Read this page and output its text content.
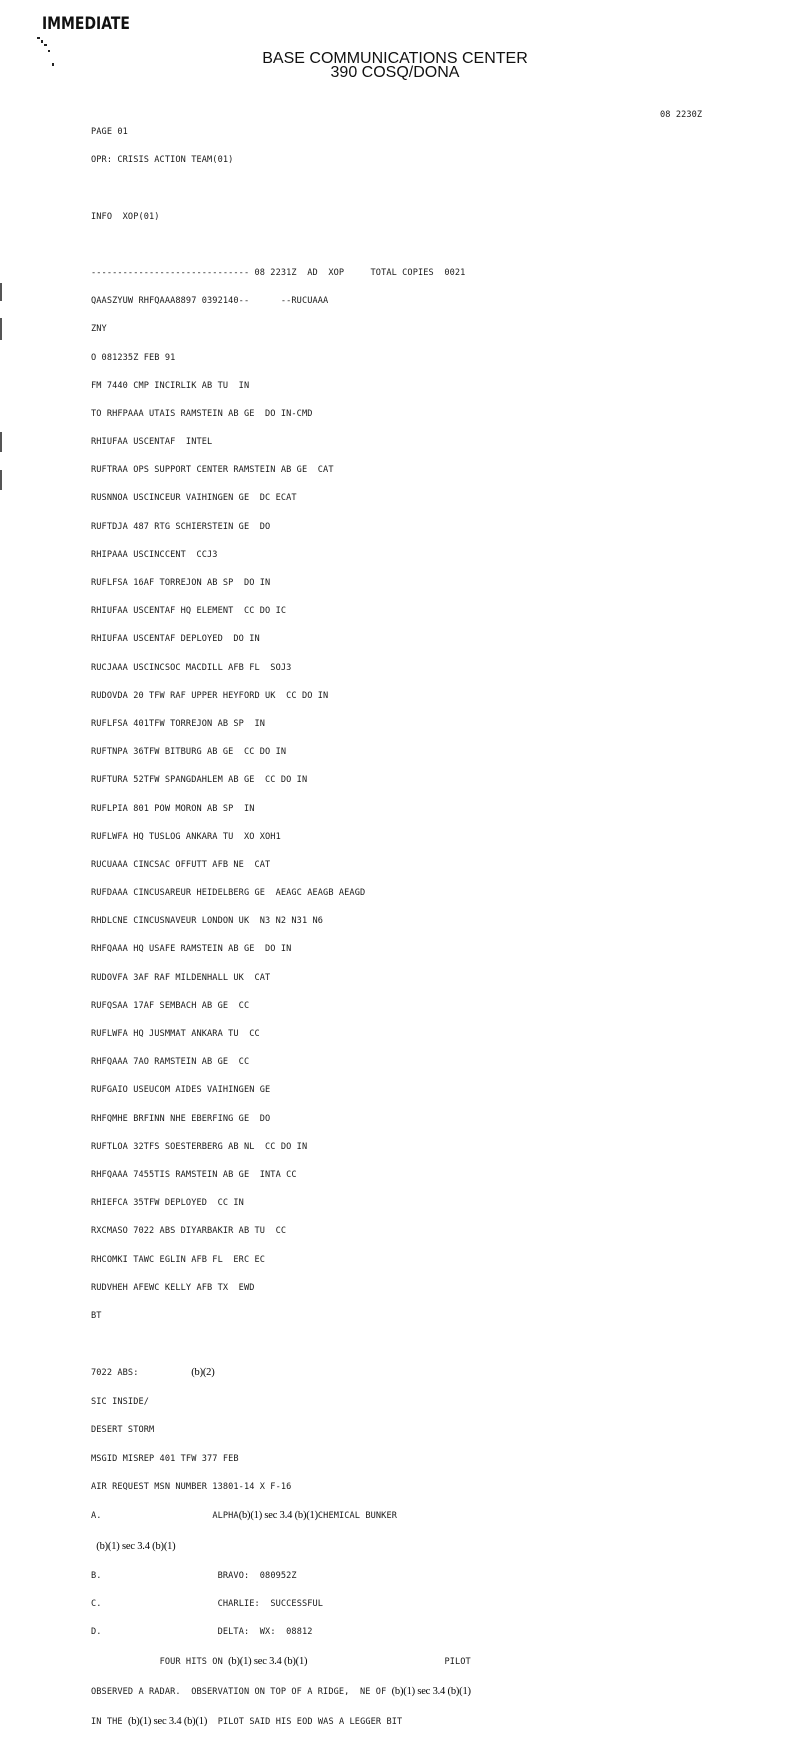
IMMEDIATE
BASE COMMUNICATIONS CENTER
390 COSQ/DONA
08 2230Z

PAGE 01

OPR: CRISIS ACTION TEAM(01)

INFO  XOP(01)

------------------------------ 08 2231Z  AD  XOP     TOTAL COPIES  0021

QAASZYUW RHFQAAA8897 0392140--      --RUCUAAA

ZNY

O 081235Z FEB 91

FM 7440 CMP INCIRLIK AB TU  IN

TO RHFPAAA UTAIS RAMSTEIN AB GE  DO IN-CMD

RHIUFAA USCENTAF  INTEL

RUFTRAA OPS SUPPORT CENTER RAMSTEIN AB GE  CAT

RUSNNOA USCINCEUR VAIHINGEN GE  DC ECAT

RUFTDJA 487 RTG SCHIERSTEIN GE  DO

RHIPAAA USCINCCENT  CCJ3

RUFLFSA 16AF TORREJON AB SP  DO IN

RHIUFAA USCENTAF HQ ELEMENT  CC DO IC

RHIUFAA USCENTAF DEPLOYED  DO IN

RUCJAAA USCINCSOC MACDILL AFB FL  SOJ3

RUDOVDA 20 TFW RAF UPPER HEYFORD UK  CC DO IN

RUFLFSA 401TFW TORREJON AB SP  IN

RUFTNPA 36TFW BITBURG AB GE  CC DO IN

RUFTURA 52TFW SPANGDAHLEM AB GE  CC DO IN

RUFLPIA 801 POW MORON AB SP  IN

RUFLWFA HQ TUSLOG ANKARA TU  XO XOH1

RUCUAAA CINCSAC OFFUTT AFB NE  CAT

RUFDAAA CINCUSAREUR HEIDELBERG GE  AEAGC AEAGB AEAGD

RHDLCNE CINCUSNAVEUR LONDON UK  N3 N2 N31 N6

RHFQAAA HQ USAFE RAMSTEIN AB GE  DO IN

RUDOVFA 3AF RAF MILDENHALL UK  CAT

RUFQSAA 17AF SEMBACH AB GE  CC

RUFLWFA HQ JUSMMAT ANKARA TU  CC

RHFQAAA 7AO RAMSTEIN AB GE  CC

RUFGAIO USEUCOM AIDES VAIHINGEN GE

RHFQMHE BRFINN NHE EBERFING GE  DO

RUFTLOA 32TFS SOESTERBERG AB NL  CC DO IN

RHFQAAA 7455TIS RAMSTEIN AB GE  INTA CC

RHIEFCA 35TFW DEPLOYED  CC IN

RXCMASO 7022 ABS DIYARBAKIR AB TU  CC

RHCOMKI TAWC EGLIN AFB FL  ERC EC

RUDVHEH AFEWC KELLY AFB TX  EWD

BT

7022 ABS:	(b)(2)

SIC INSIDE/

DESERT STORM

MSGID MISREP 401 TFW 377 FEB

AIR REQUEST MSN NUMBER 13801-14 X F-16

A.	ALPHA(b)(1) sec 3.4 (b)(1)CHEMICAL BUNKER

(b)(1) sec 3.4 (b)(1)

B.	BRAVO:  080952Z

C.	CHARLIE:  SUCCESSFUL

D.	DELTA:  WX:  08812

FOUR HITS ON (b)(1) sec 3.4 (b)(1)	PILOT

OBSERVED A RADAR.  OBSERVATION ON TOP OF A RIDGE,  NE OF (b)(1) sec 3.4 (b)(1)

IN THE (b)(1) sec 3.4 (b)(1) PILOT SAID HIS EOD WAS A LEGGER BIT
